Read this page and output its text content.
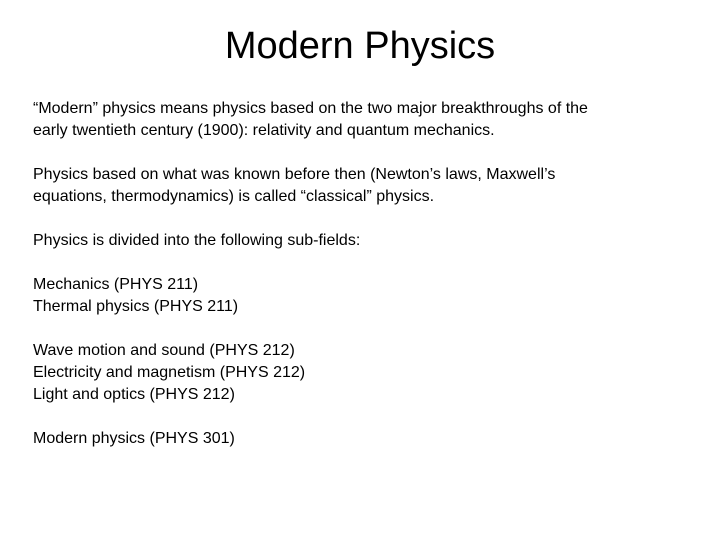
Modern Physics

“Modern” physics means physics based on the two major breakthroughs of the
early twentieth century (1900): relativity and quantum mechanics.

Physics based on what was known before then (Newton’s laws, Maxwell’s
equations, thermodynamics) is called “classical” physics.

Physics is divided into the following sub-fields:

Mechanics (PHYS 211)
Thermal physics (PHYS 211)

Wave motion and sound (PHYS 212)
Electricity and magnetism (PHYS 212)
Light and optics (PHYS 212)

Modern physics (PHYS 301)
